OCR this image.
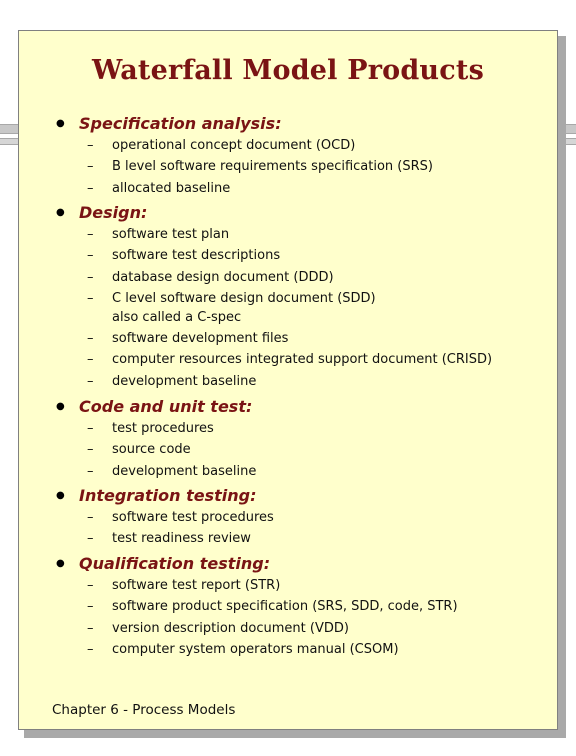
Waterfall Model Products
● Specification analysis:
– operational concept document (OCD)
– B level software requirements specification (SRS)
– allocated baseline
● Design:
– software test plan
– software test descriptions
– database design document (DDD)
– C level software design document (SDD)
also called a C-spec
– software development files
– computer resources integrated support document (CRISD)
– development baseline
● Code and unit test:
– test procedures
– source code
– development baseline
● Integration testing:
– software test procedures
– test readiness review
● Qualification testing:
– software test report (STR)
– software product specification (SRS, SDD, code, STR)
– version description document (VDD)
– computer system operators manual (CSOM)
Chapter 6 - Process Models
